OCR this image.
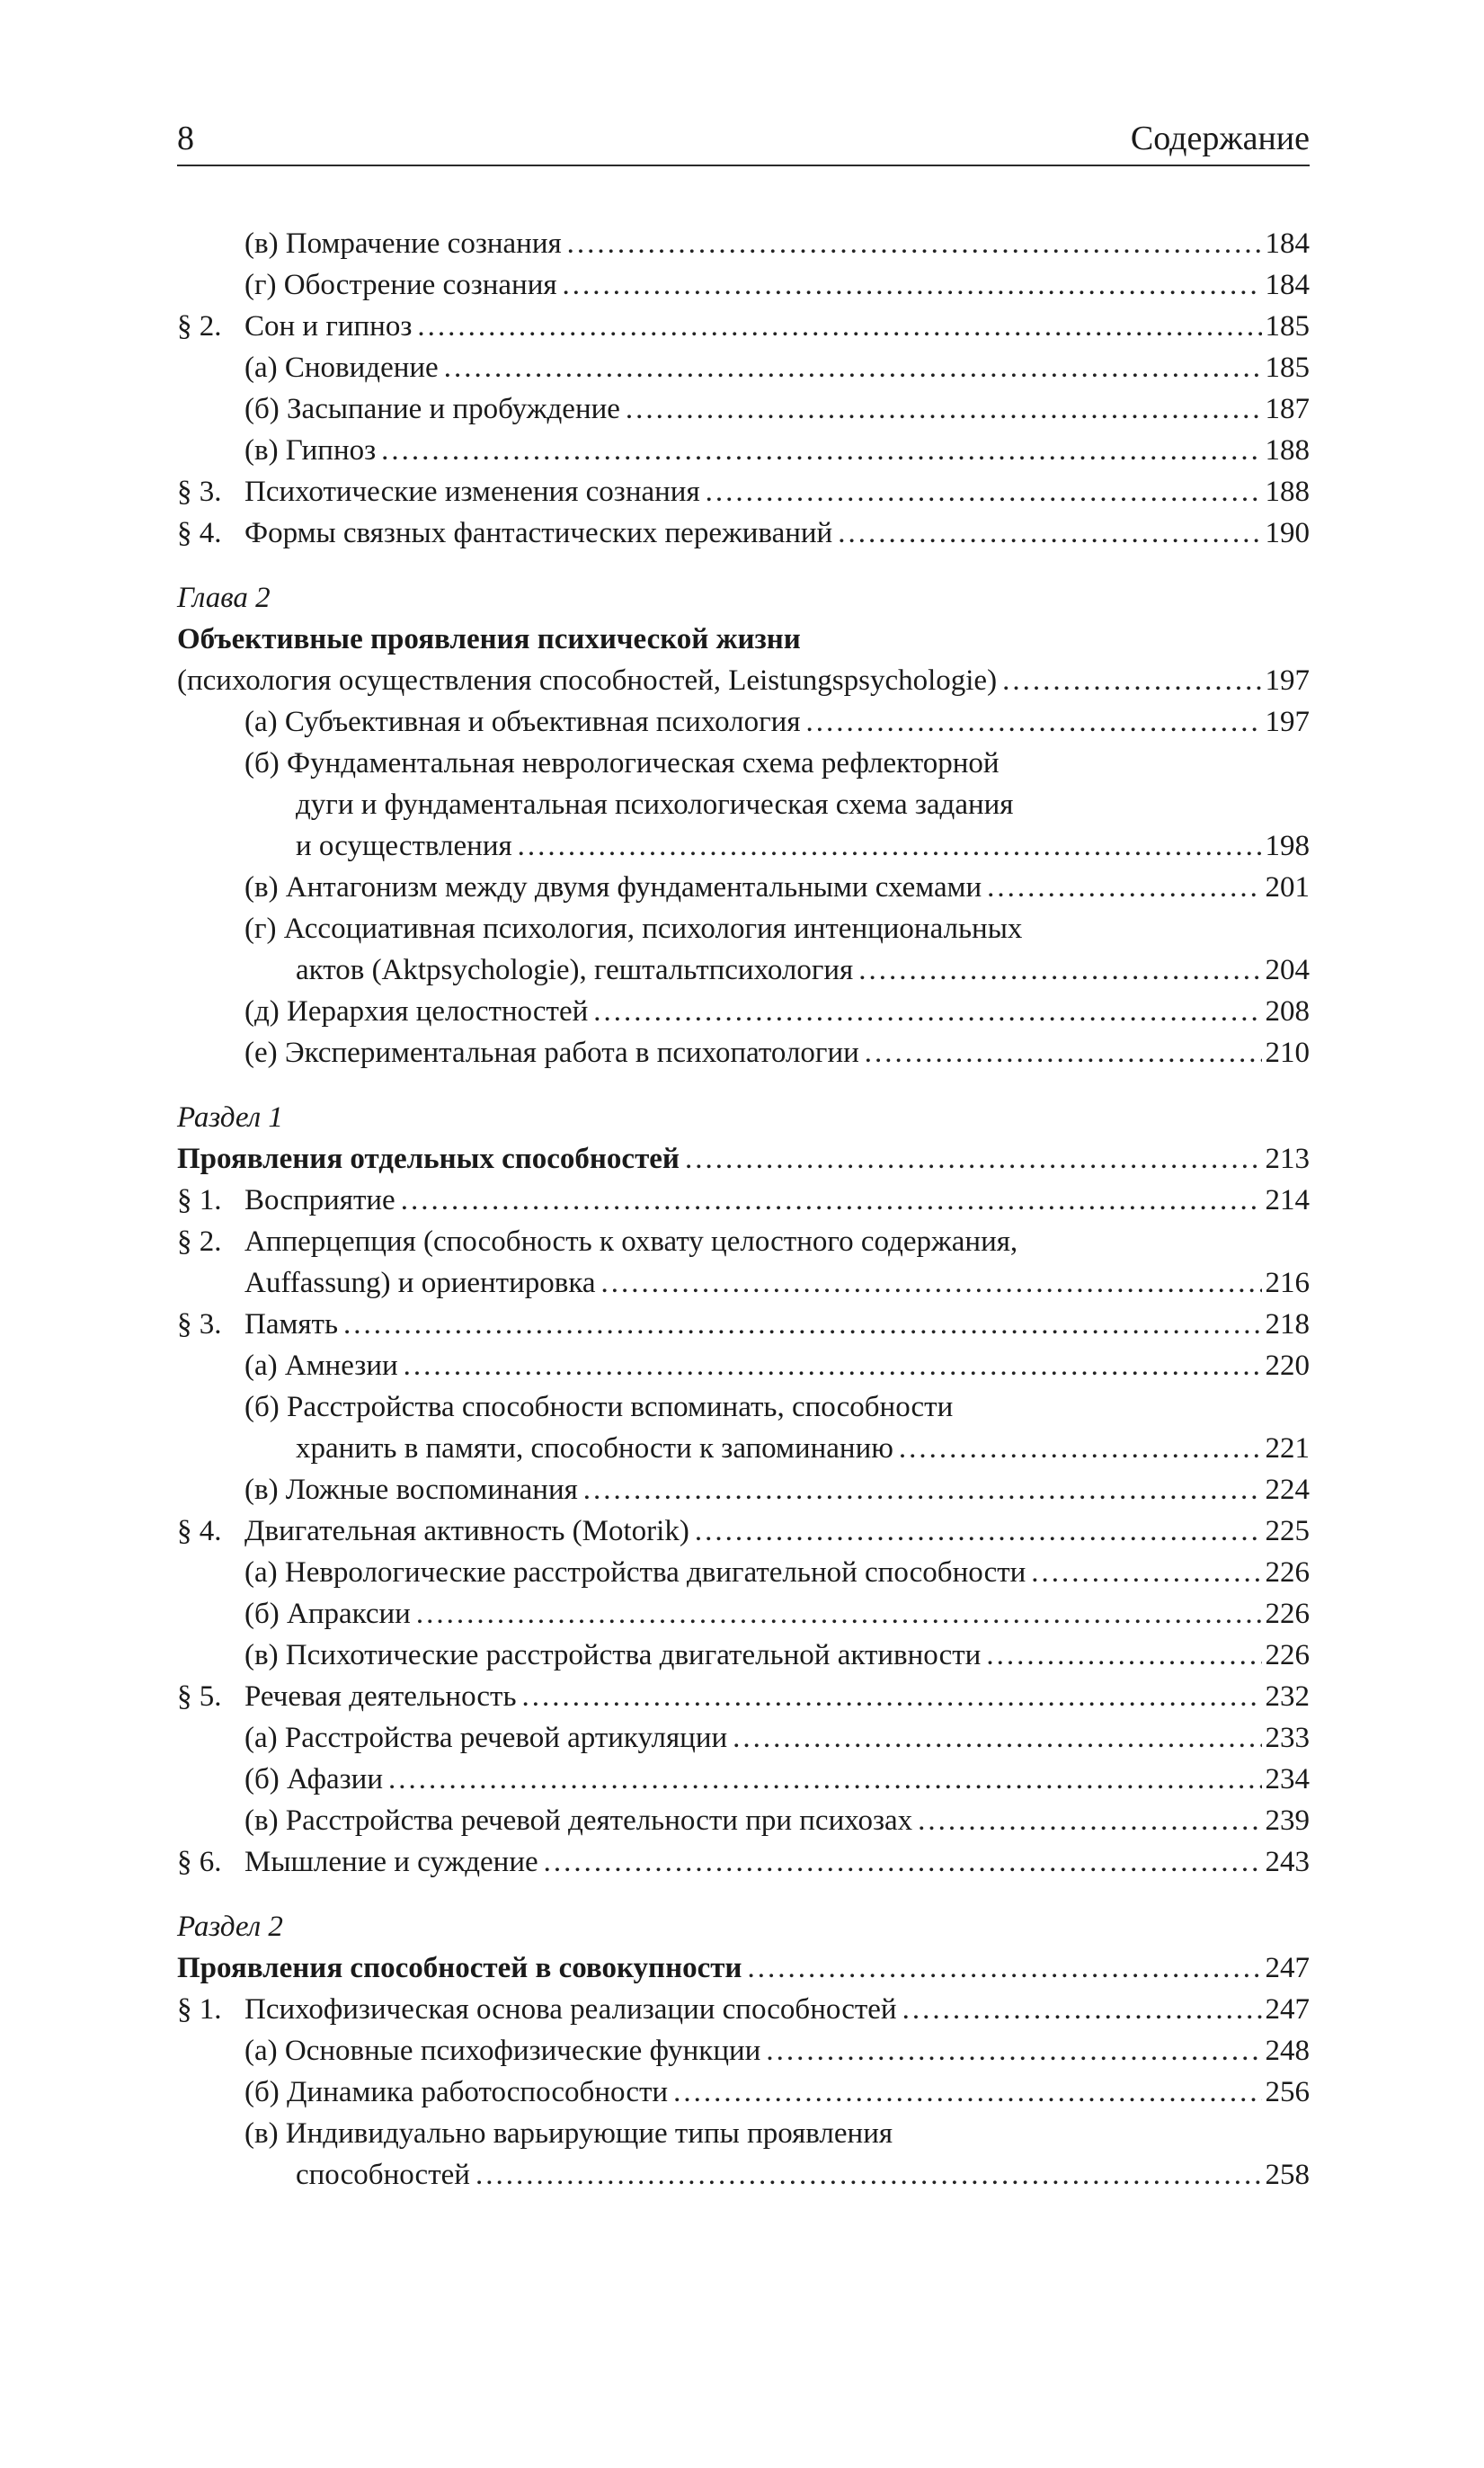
8	Содержание
(в) Помрачение сознания .....	184
(г) Обострение сознания .....	184
§ 2. Сон и гипноз .....	185
(а) Сновидение .....	185
(б) Засыпание и пробуждение .....	187
(в) Гипноз .....	188
§ 3. Психотические изменения сознания .....	188
§ 4. Формы связных фантастических переживаний .....	190
Глава 2
Объективные проявления психической жизни
(психология осуществления способностей, Leistungspsychologie) .....	197
(а) Субъективная и объективная психология .....	197
(б) Фундаментальная неврологическая схема рефлекторной
дуги и фундаментальная психологическая схема задания
и осуществления .....	198
(в) Антагонизм между двумя фундаментальными схемами .....	201
(г) Ассоциативная психология, психология интенциональных
актов (Aktpsychologie), гештальтпсихология .....	204
(д) Иерархия целостностей .....	208
(е) Экспериментальная работа в психопатологии .....	210
Раздел 1
Проявления отдельных способностей .....	213
§ 1. Восприятие .....	214
§ 2. Апперцепция (способность к охвату целостного содержания,
Auffassung) и ориентировка .....	216
§ 3. Память .....	218
(а) Амнезии .....	220
(б) Расстройства способности вспоминать, способности
хранить в памяти, способности к запоминанию .....	221
(в) Ложные воспоминания .....	224
§ 4. Двигательная активность (Motorik) .....	225
(а) Неврологические расстройства двигательной способности .....	226
(б) Апраксии .....	226
(в) Психотические расстройства двигательной активности .....	226
§ 5. Речевая деятельность .....	232
(а) Расстройства речевой артикуляции .....	233
(б) Афазии .....	234
(в) Расстройства речевой деятельности при психозах .....	239
§ 6. Мышление и суждение .....	243
Раздел 2
Проявления способностей в совокупности .....	247
§ 1. Психофизическая основа реализации способностей .....	247
(а) Основные психофизические функции .....	248
(б) Динамика работоспособности .....	256
(в) Индивидуально варьирующие типы проявления
способностей .....	258
